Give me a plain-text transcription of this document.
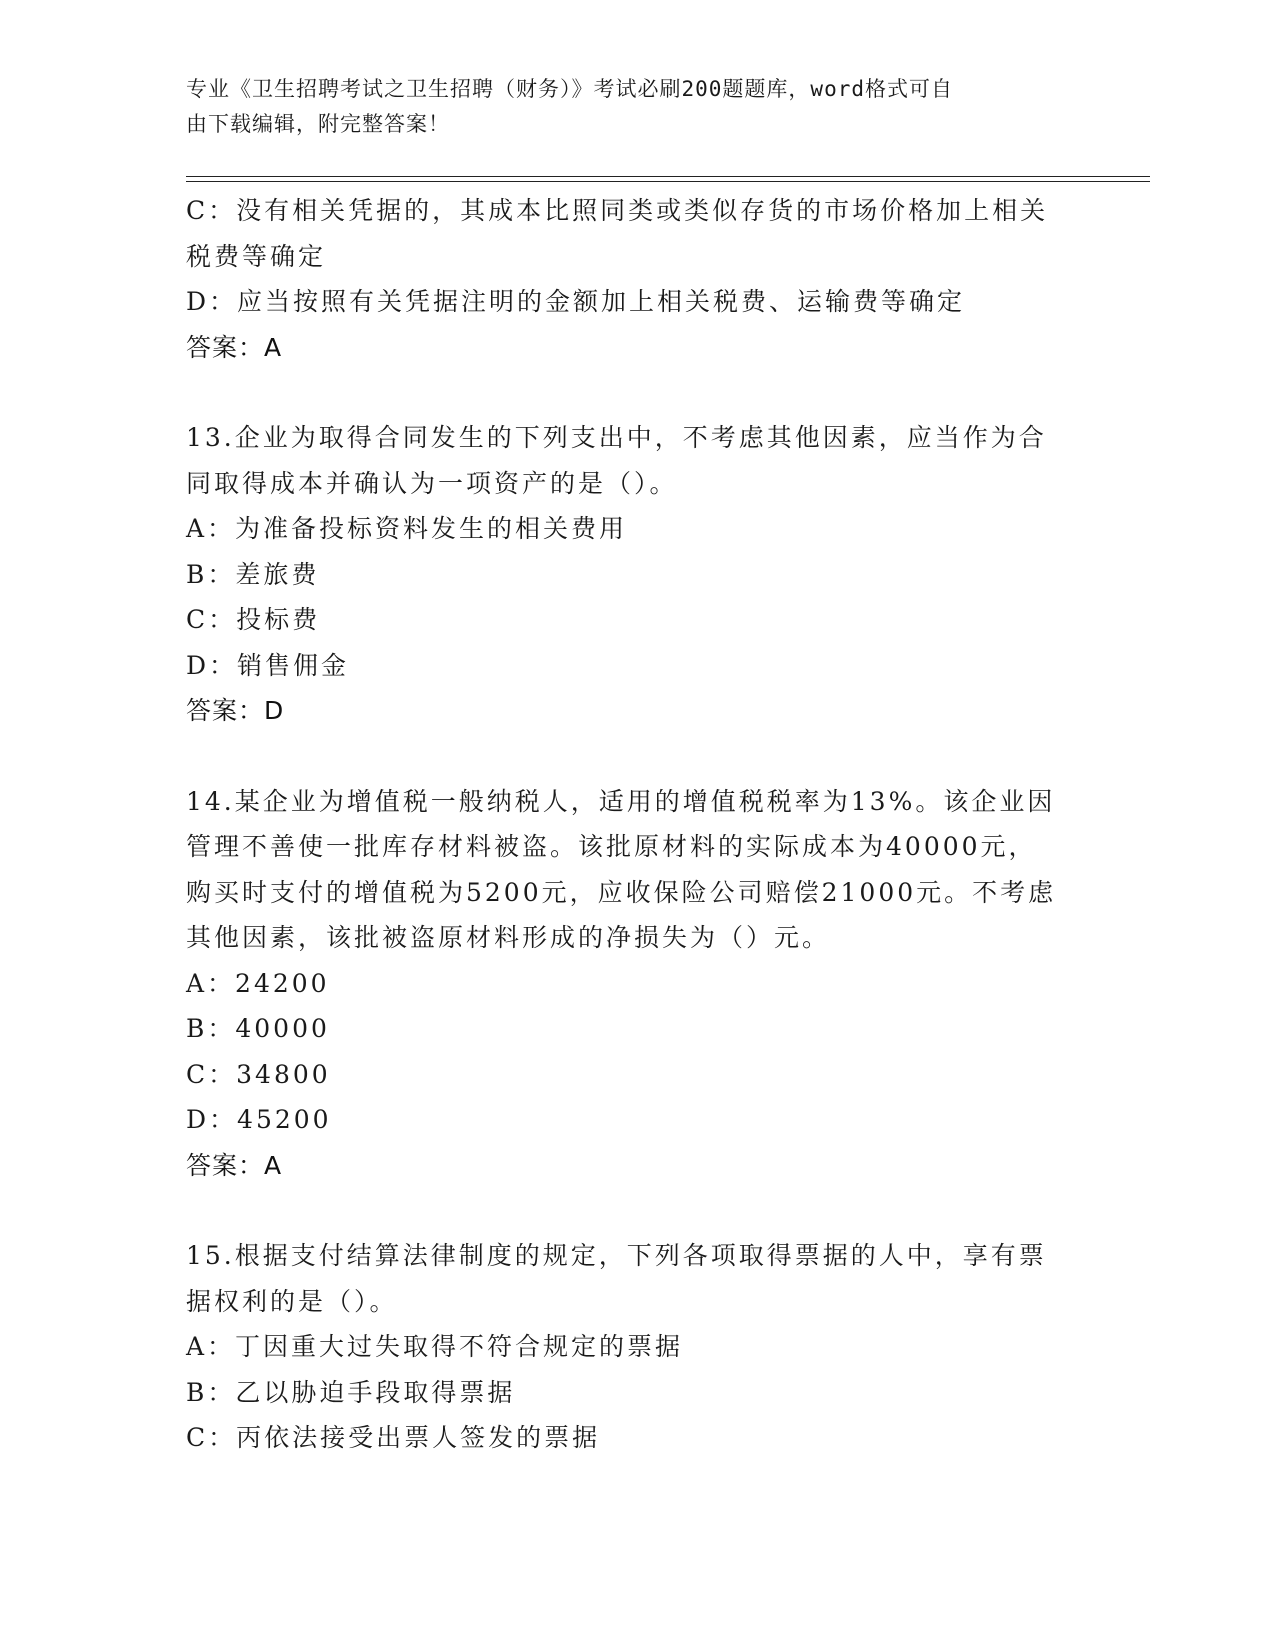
专业《卫生招聘考试之卫生招聘（财务）》考试必刷200题题库，word格式可自
由下载编辑，附完整答案！
C：没有相关凭据的，其成本比照同类或类似存货的市场价格加上相关
税费等确定
D：应当按照有关凭据注明的金额加上相关税费、运输费等确定
答案：A
13.企业为取得合同发生的下列支出中，不考虑其他因素，应当作为合
同取得成本并确认为一项资产的是（）。
A：为准备投标资料发生的相关费用
B：差旅费
C：投标费
D：销售佣金
答案：D
14.某企业为增值税一般纳税人，适用的增值税税率为13%。该企业因
管理不善使一批库存材料被盗。该批原材料的实际成本为40000元，
购买时支付的增值税为5200元，应收保险公司赔偿21000元。不考虑
其他因素，该批被盗原材料形成的净损失为（）元。
A：24200
B：40000
C：34800
D：45200
答案：A
15.根据支付结算法律制度的规定，下列各项取得票据的人中，享有票
据权利的是（）。
A：丁因重大过失取得不符合规定的票据
B：乙以胁迫手段取得票据
C：丙依法接受出票人签发的票据
